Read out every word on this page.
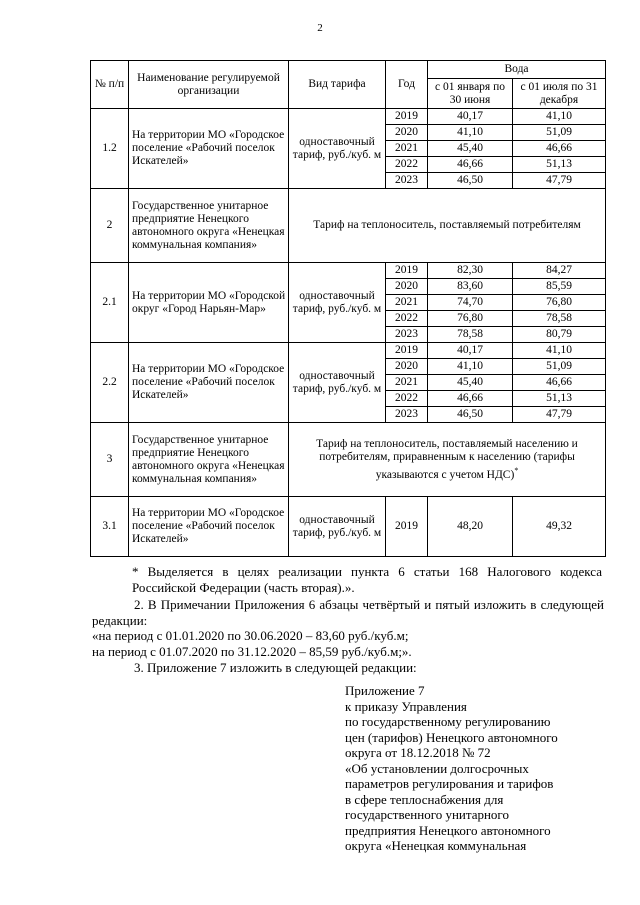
2
№ п/п	Наименование регулируемой организации	Вид тарифа	Год	Вода	
				с 01 января по 30 июня	с 01 июля по 31 декабря

1.2	На территории МО «Городское поселение «Рабочий поселок Искателей»	одноставочный тариф, руб./куб. м	2019	40,17	41,10
			2020	41,10	51,09
			2021	45,40	46,66
			2022	46,66	51,13
			2023	46,50	47,79
2	Государственное унитарное предприятие Ненецкого автономного округа «Ненецкая коммунальная компания»	Тариф на теплоноситель, поставляемый потребителям			
2.1	На территории МО «Городской округ «Город Нарьян-Мар»	одноставочный тариф, руб./куб. м	2019	82,30	84,27
			2020	83,60	85,59
			2021	74,70	76,80
			2022	76,80	78,58
			2023	78,58	80,79
2.2	На территории МО «Городское поселение «Рабочий поселок Искателей»	одноставочный тариф, руб./куб. м	2019	40,17	41,10
			2020	41,10	51,09
			2021	45,40	46,66
			2022	46,66	51,13
			2023	46,50	47,79
3	Государственное унитарное предприятие Ненецкого автономного округа «Ненецкая коммунальная компания»	Тариф на теплоноситель, поставляемый населению и потребителям, приравненным к населению (тарифы указываются с учетом НДС)*
3.1	На территории МО «Городское поселение «Рабочий поселок Искателей»	одноставочный тариф, руб./куб. м	2019	48,20	49,32
* Выделяется в целях реализации пункта 6 статьи 168 Налогового кодекса Российской Федерации (часть вторая).».
2. В Примечании Приложения 6 абзацы четвёртый и пятый изложить в следующей редакции:
«на период с 01.01.2020 по 30.06.2020 – 83,60 руб./куб.м;
на период с 01.07.2020 по 31.12.2020 – 85,59 руб./куб.м;».
3. Приложение 7 изложить в следующей редакции:
Приложение 7
к приказу Управления
по государственному регулированию
цен (тарифов) Ненецкого автономного
округа от 18.12.2018 № 72
«Об установлении долгосрочных
параметров регулирования и тарифов
в сфере теплоснабжения для
государственного унитарного
предприятия Ненецкого автономного
округа «Ненецкая коммунальная
